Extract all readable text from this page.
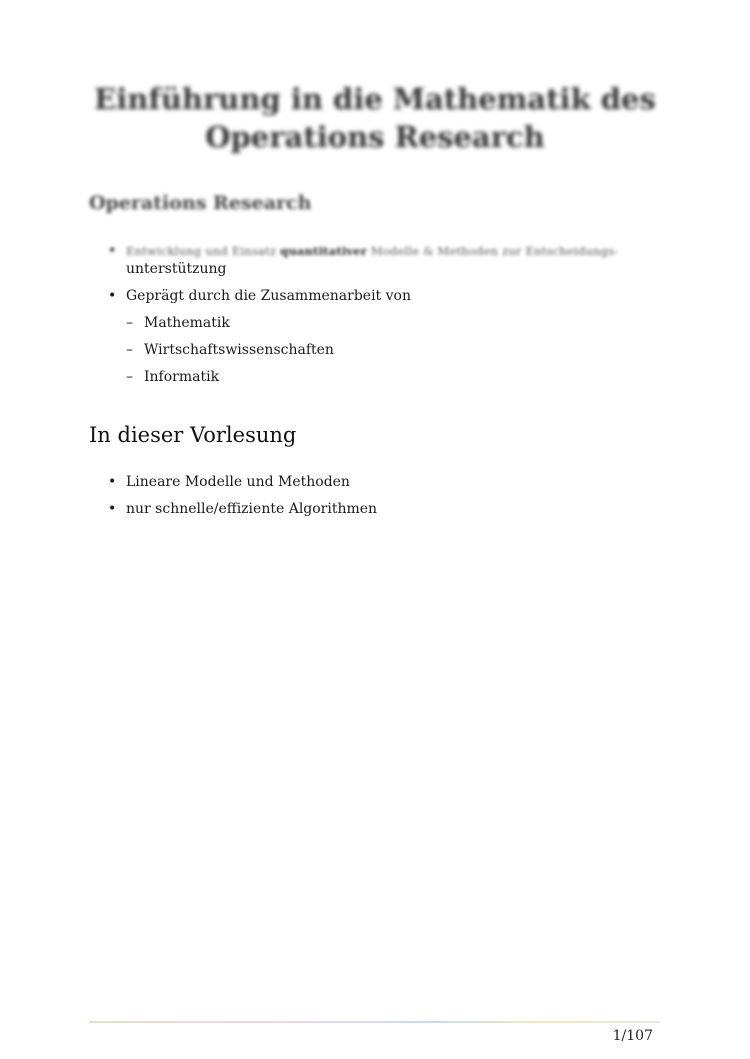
Einführung in die Mathematik des
Operations Research
Operations Research
• Entwicklung und Einsatz quantitativer Modelle & Methoden zur Entscheidungs-
unterstützung
• Geprägt durch die Zusammenarbeit von
– Mathematik
– Wirtschaftswissenschaften
– Informatik
In dieser Vorlesung
• Lineare Modelle und Methoden
• nur schnelle/effiziente Algorithmen
1/107
